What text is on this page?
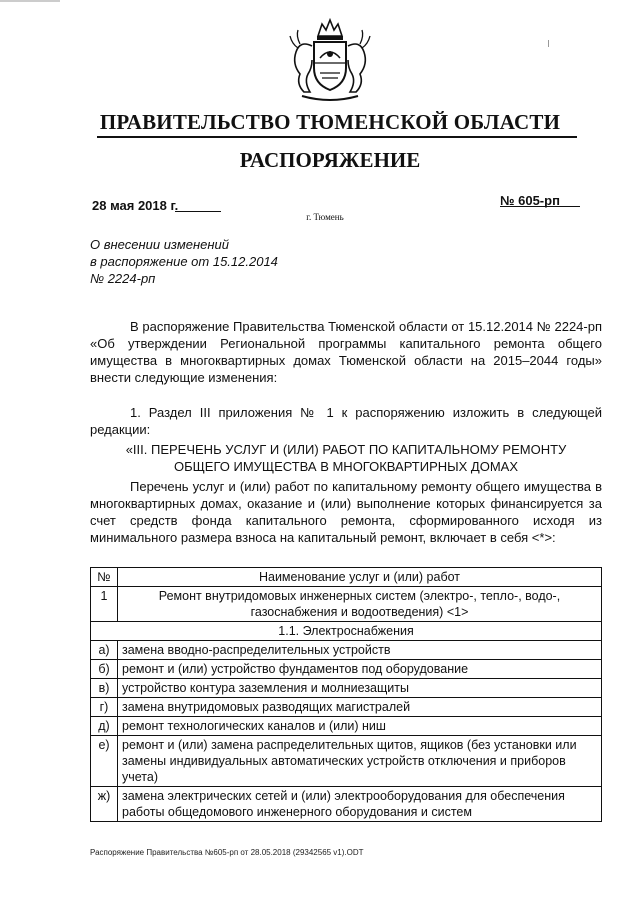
ПРАВИТЕЛЬСТВО ТЮМЕНСКОЙ ОБЛАСТИ
РАСПОРЯЖЕНИЕ
28 мая 2018 г.	№ 605-рп
г. Тюмень
О внесении изменений
в распоряжение от 15.12.2014
№ 2224-рп
В распоряжение Правительства Тюменской области от 15.12.2014 № 2224-рп «Об утверждении Региональной программы капитального ремонта общего имущества в многоквартирных домах Тюменской области на 2015–2044 годы» внести следующие изменения:
1. Раздел III приложения № 1 к распоряжению изложить в следующей редакции:
«III. ПЕРЕЧЕНЬ УСЛУГ И (ИЛИ) РАБОТ ПО КАПИТАЛЬНОМУ РЕМОНТУ
ОБЩЕГО ИМУЩЕСТВА В МНОГОКВАРТИРНЫХ ДОМАХ
Перечень услуг и (или) работ по капитальному ремонту общего имущества в многоквартирных домах, оказание и (или) выполнение которых финансируется за счет средств фонда капитального ремонта, сформированного исходя из минимального размера взноса на капитальный ремонт, включает в себя <*>:
№	Наименование услуг и (или) работ
1	Ремонт внутридомовых инженерных систем (электро-, тепло-, водо-, газоснабжения и водоотведения) <1>
1.1. Электроснабжения	
а)	замена вводно-распределительных устройств
б)	ремонт и (или) устройство фундаментов под оборудование
в)	устройство контура заземления и молниезащиты
г)	замена внутридомовых разводящих магистралей
д)	ремонт технологических каналов и (или) ниш
е)	ремонт и (или) замена распределительных щитов, ящиков (без установки или замены индивидуальных автоматических устройств отключения и приборов учета)
ж)	замена электрических сетей и (или) электрооборудования для обеспечения работы общедомового инженерного оборудования и систем
Распоряжение Правительства №605-рп от 28.05.2018 (29342565 v1).ODT
